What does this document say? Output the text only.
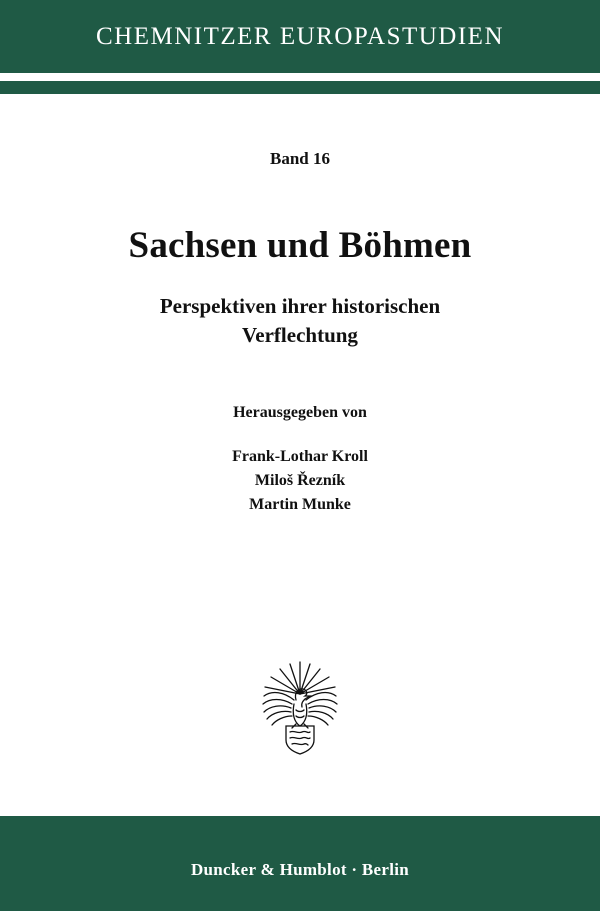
CHEMNITZER EUROPASTUDIEN
Band 16
Sachsen und Böhmen
Perspektiven ihrer historischen
Verflechtung
Herausgegeben von
Frank-Lothar Kroll
Miloš Řezník
Martin Munke
Duncker & Humblot · Berlin
